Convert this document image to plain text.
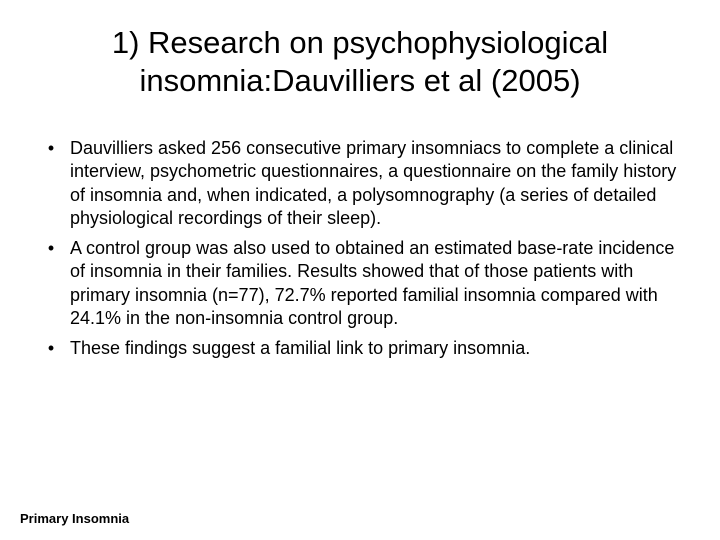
1) Research on psychophysiological
insomnia:Dauvilliers et al (2005)
• Dauvilliers asked 256 consecutive primary insomniacs to complete a clinical interview, psychometric questionnaires, a questionnaire on the family history of insomnia and, when indicated, a polysomnography (a series of detailed physiological recordings of their sleep).
• A control group was also used to obtained an estimated base-rate incidence of insomnia in their families. Results showed that of those patients with primary insomnia (n=77), 72.7% reported familial insomnia compared with 24.1% in the non-insomnia control group.
• These findings suggest a familial link to primary insomnia.
Primary Insomnia
